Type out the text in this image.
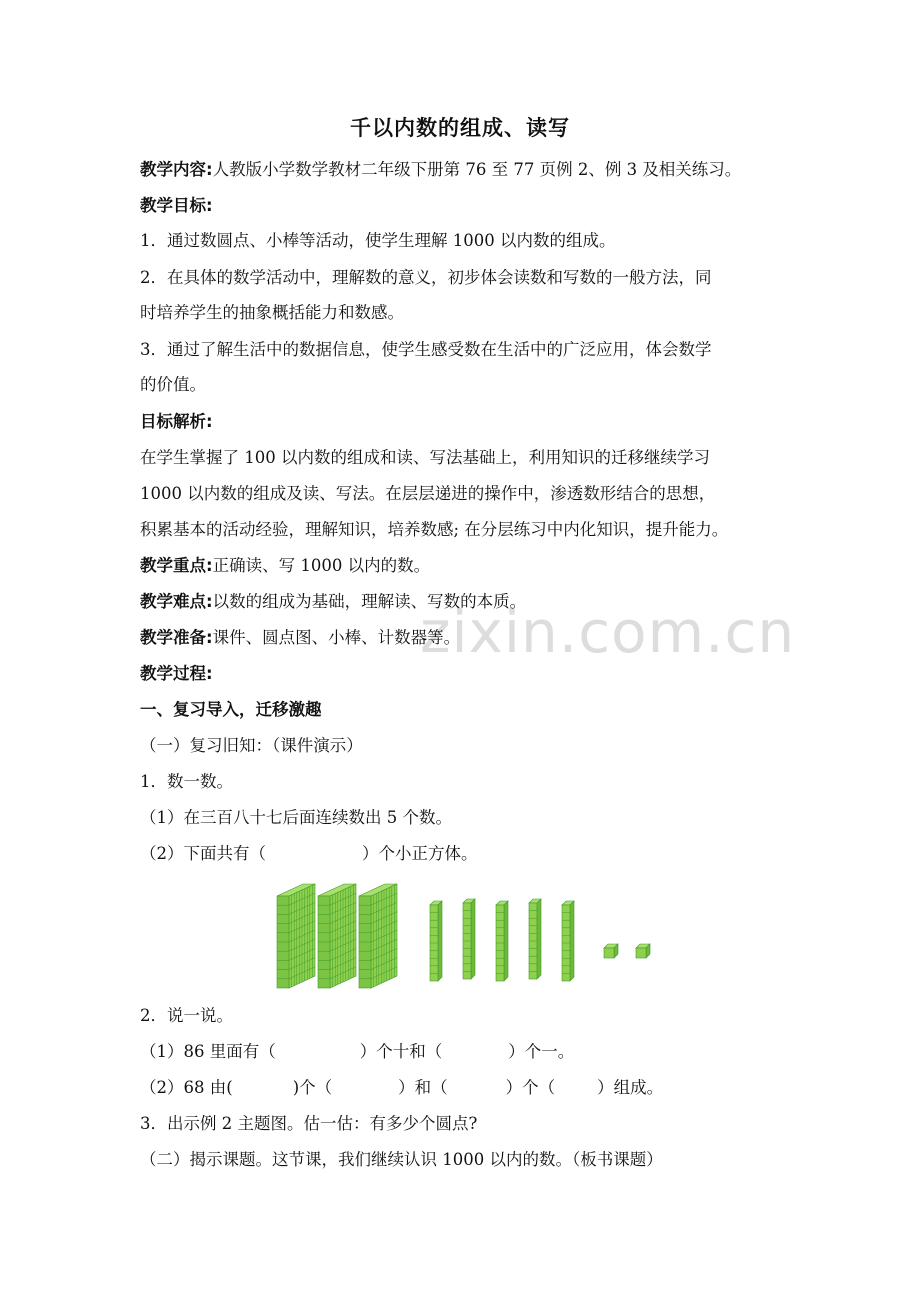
zixin.com.cn
千以内数的组成、读写
教学内容:人教版小学数学教材二年级下册第 76 至 77 页例 2、例 3 及相关练习。
教学目标:
1．通过数圆点、小棒等活动，使学生理解 1000 以内数的组成。
2．在具体的数学活动中，理解数的意义，初步体会读数和写数的一般方法，同
时培养学生的抽象概括能力和数感。
3．通过了解生活中的数据信息，使学生感受数在生活中的广泛应用，体会数学
的价值。
目标解析:
在学生掌握了 100 以内数的组成和读、写法基础上，利用知识的迁移继续学习
1000 以内数的组成及读、写法。在层层递进的操作中，渗透数形结合的思想，
积累基本的活动经验，理解知识，培养数感; 在分层练习中内化知识，提升能力。
教学重点:正确读、写 1000 以内的数。
教学难点:以数的组成为基础，理解读、写数的本质。
教学准备:课件、圆点图、小棒、计数器等。
教学过程:
一、复习导入，迁移激趣
（一）复习旧知：（课件演示）
1．数一数。
（1）在三百八十七后面连续数出 5 个数。
（2）下面共有（	）个小正方体。
2．说一说。
（1）86 里面有（	）个十和（	）个一。
（2）68 由(	)个（	）和（	）个（	）组成。
3．出示例 2 主题图。估一估：有多少个圆点?
（二）揭示课题。这节课，我们继续认识 1000 以内的数。（板书课题）
